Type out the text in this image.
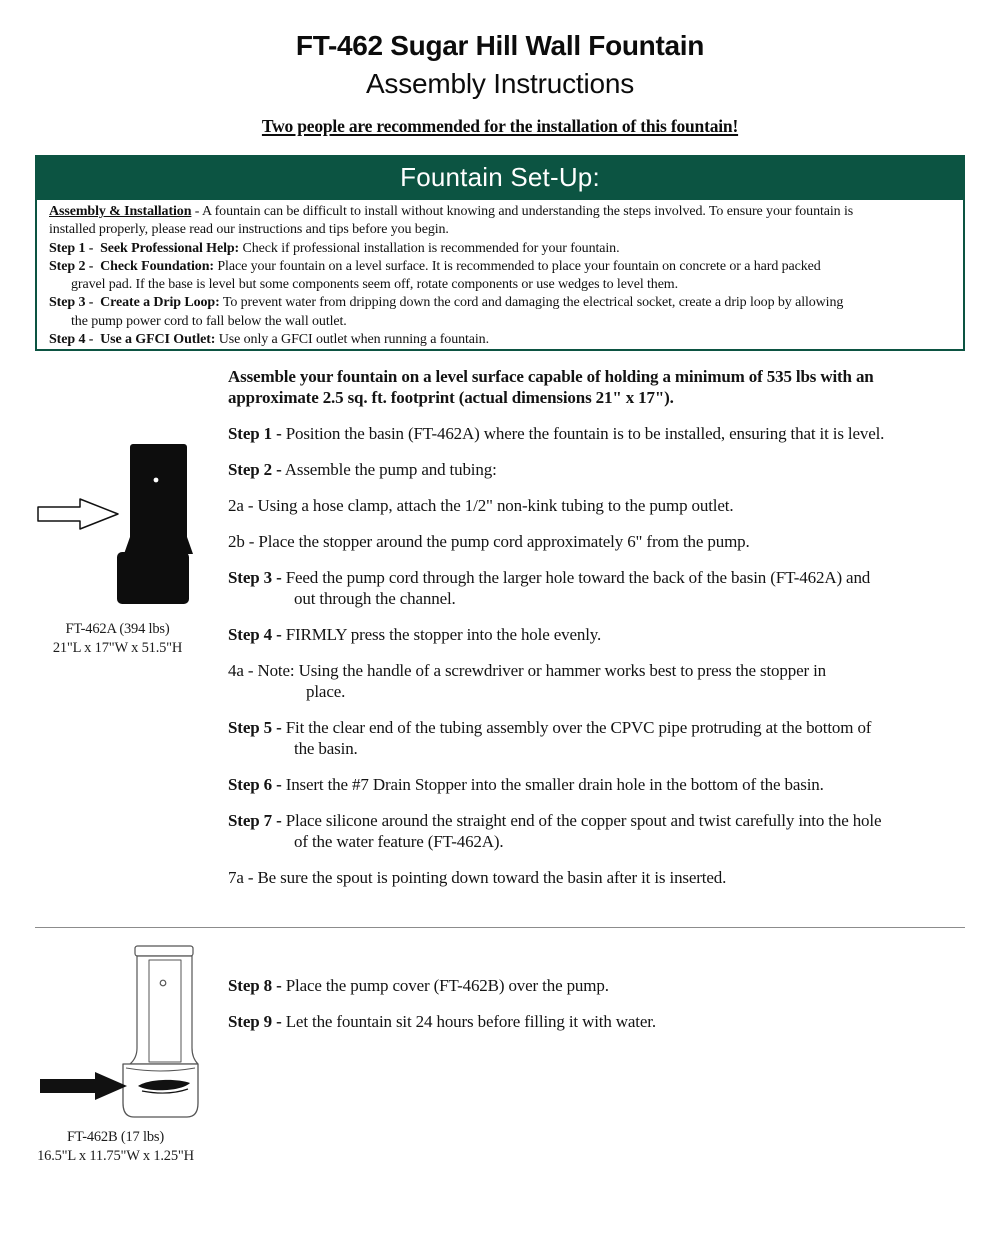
FT-462 Sugar Hill Wall Fountain
Assembly Instructions
Two people are recommended for the installation of this fountain!
Fountain Set-Up:

Assembly & Installation - A fountain can be difficult to install without knowing and understanding the steps involved. To ensure your fountain is
installed properly, please read our instructions and tips before you begin.

Step 1 - Seek Professional Help: Check if professional installation is recommended for your fountain.

Step 2 - Check Foundation: Place your fountain on a level surface. It is recommended to place your fountain on concrete or a hard packed
gravel pad. If the base is level but some components seem off, rotate components or use wedges to level them.

Step 3 - Create a Drip Loop: To prevent water from dripping down the cord and damaging the electrical socket, create a drip loop by allowing
the pump power cord to fall below the wall outlet.

Step 4 - Use a GFCI Outlet: Use only a GFCI outlet when running a fountain.

FT-462A (394 lbs)
21"L x 17"W x 51.5"H

Assemble your fountain on a level surface capable of holding a minimum of 535 lbs with an
approximate 2.5 sq. ft. footprint (actual dimensions 21" x 17").

Step 1 - Position the basin (FT-462A) where the fountain is to be installed, ensuring that it is level.

Step 2 - Assemble the pump and tubing:

2a - Using a hose clamp, attach the 1/2" non-kink tubing to the pump outlet.

2b - Place the stopper around the pump cord approximately 6" from the pump.

Step 3 - Feed the pump cord through the larger hole toward the back of the basin (FT-462A) and
out through the channel.

Step 4 - FIRMLY press the stopper into the hole evenly.

4a - Note: Using the handle of a screwdriver or hammer works best to press the stopper in
place.

Step 5 - Fit the clear end of the tubing assembly over the CPVC pipe protruding at the bottom of
the basin.

Step 6 - Insert the #7 Drain Stopper into the smaller drain hole in the bottom of the basin.

Step 7 - Place silicone around the straight end of the copper spout and twist carefully into the hole
of the water feature (FT-462A).

7a - Be sure the spout is pointing down toward the basin after it is inserted.

FT-462B (17 lbs)
16.5"L x 11.75"W x 1.25"H

Step 8 - Place the pump cover (FT-462B) over the pump.

Step 9 - Let the fountain sit 24 hours before filling it with water.
